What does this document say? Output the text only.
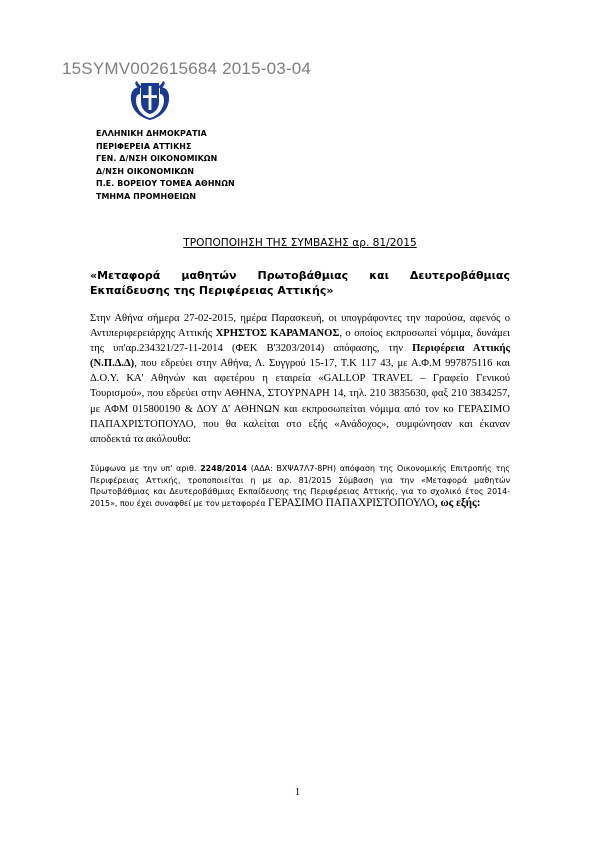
15SYMV002615684 2015-03-04
ΕΛΛΗΝΙΚΗ ΔΗΜΟΚΡΑΤΙΑ
ΠΕΡΙΦΕΡΕΙΑ ΑΤΤΙΚΗΣ
ΓΕΝ. Δ/ΝΣΗ ΟΙΚΟΝΟΜΙΚΩΝ
Δ/ΝΣΗ ΟΙΚΟΝΟΜΙΚΩΝ
Π.Ε. ΒΟΡΕΙΟΥ ΤΟΜΕΑ ΑΘΗΝΩΝ
ΤΜΗΜΑ ΠΡΟΜΗΘΕΙΩΝ
ΤΡΟΠΟΠΟΙΗΣΗ ΤΗΣ ΣΥΜΒΑΣΗΣ αρ. 81/2015
«Μεταφορά μαθητών Πρωτοβάθμιας και Δευτεροβάθμιας
Εκπαίδευσης της Περιφέρειας Αττικής»
Στην Αθήνα σήμερα 27-02-2015, ημέρα Παρασκευή, οι υπογράφοντες την παρούσα, αφενός ο Αντιπεριφερειάρχης Αττικής ΧΡΗΣΤΟΣ ΚΑΡΑΜΑΝΟΣ, ο οποίος εκπροσωπεί νόμιμα, δυνάμει της υπ'αρ.234321/27-11-2014 (ΦΕΚ Β'3203/2014) απόφασης, την Περιφέρεια Αττικής (Ν.Π.Δ.Δ), που εδρεύει στην Αθήνα, Λ. Συγγρού 15-17, Τ.Κ 117 43, με Α.Φ.Μ 997875116 και Δ.Ο.Υ. ΚΑ' Αθηνών και αφετέρου η εταιρεία «GALLOP TRAVEL – Γραφείο Γενικού Τουρισμού», που εδρεύει στην ΑΘΗΝΑ, ΣΤΟΥΡΝΑΡΗ 14, τηλ. 210 3835630, φαξ 210 3834257, με ΑΦΜ 015800190 & ΔΟΥ Δ' ΑΘΗΝΩΝ και εκπροσωπείται νόμιμα από τον κο ΓΕΡΑΣΙΜΟ ΠΑΠΑΧΡΙΣΤΟΠΟΥΛΟ, που θα καλείται στο εξής «Ανάδοχος», συμφώνησαν και έκαναν αποδεκτά τα ακόλουθα:
Σύμφωνα με την υπ' αριθ. 2248/2014 (ΑΔΑ: ΒΧΨΑ7Λ7-8ΡΗ) απόφαση της Οικονομικής Επιτροπής της Περιφέρειας Αττικής, τροποποιείται η με αρ. 81/2015 Σύμβαση για την «Μεταφορά μαθητών Πρωτοβάθμιας και Δευτεροβάθμιας Εκπαίδευσης της Περιφέρειας Αττικής, για το σχολικό έτος 2014-2015», που έχει συναφθεί με τον μεταφορέα ΓΕΡΑΣΙΜΟ ΠΑΠΑΧΡΙΣΤΟΠΟΥΛΟ, ως εξής:
1
